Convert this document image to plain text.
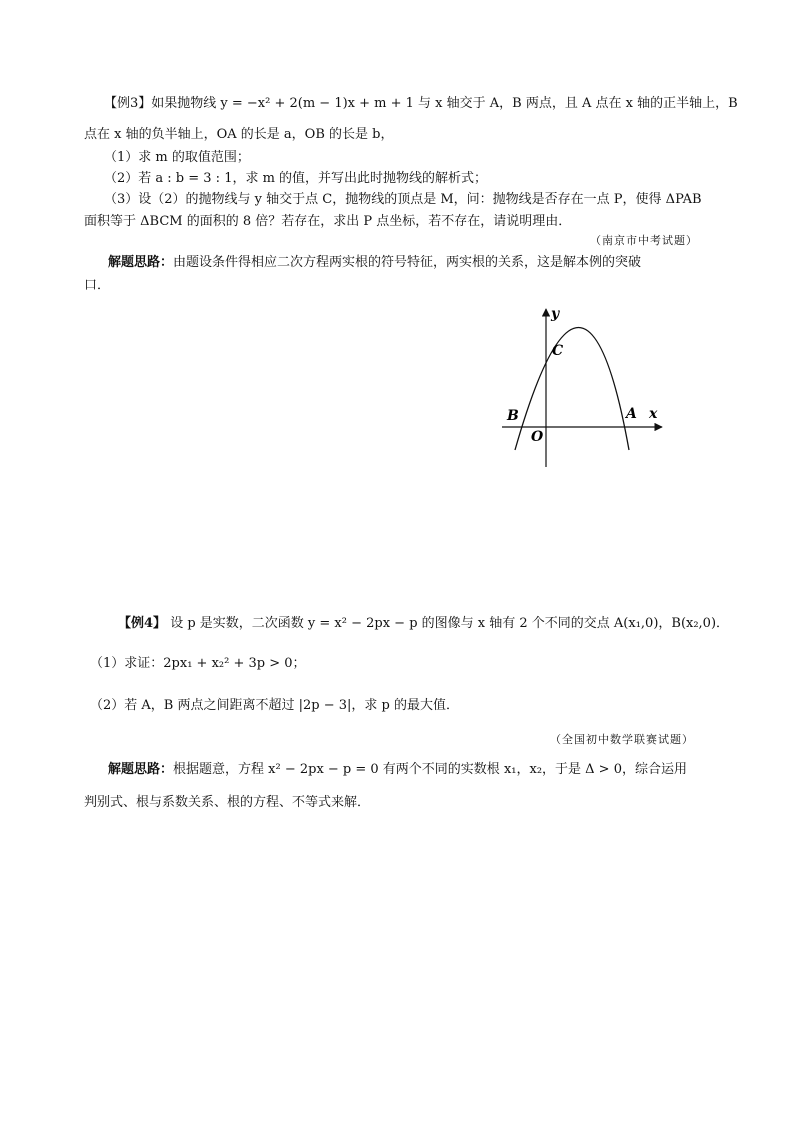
【例3】如果抛物线 y = −x² + 2(m − 1)x + m + 1 与 x 轴交于 A，B 两点，且 A 点在 x 轴的正半轴上，B
点在 x 轴的负半轴上，OA 的长是 a，OB 的长是 b，
（1）求 m 的取值范围；
（2）若 a : b = 3 : 1，求 m 的值，并写出此时抛物线的解析式；
（3）设（2）的抛物线与 y 轴交于点 C，抛物线的顶点是 M，问：抛物线是否存在一点 P，使得 ΔPAB
面积等于 ΔBCM 的面积的 8 倍？若存在，求出 P 点坐标，若不存在，请说明理由．
（南京市中考试题）
解题思路：由题设条件得相应二次方程两实根的符号特征，两实根的关系，这是解本例的突破
口．
y
x
C
B	A
O
【例4】 设 p 是实数，二次函数 y = x² − 2px − p 的图像与 x 轴有 2 个不同的交点 A(x₁,0)，B(x₂,0)．
（1）求证：2px₁ + x₂² + 3p > 0；
（2）若 A，B 两点之间距离不超过 |2p − 3|，求 p 的最大值．
（全国初中数学联赛试题）
解题思路：根据题意，方程 x² − 2px − p = 0 有两个不同的实数根 x₁，x₂，于是 Δ > 0，综合运用
判别式、根与系数关系、根的方程、不等式来解．
